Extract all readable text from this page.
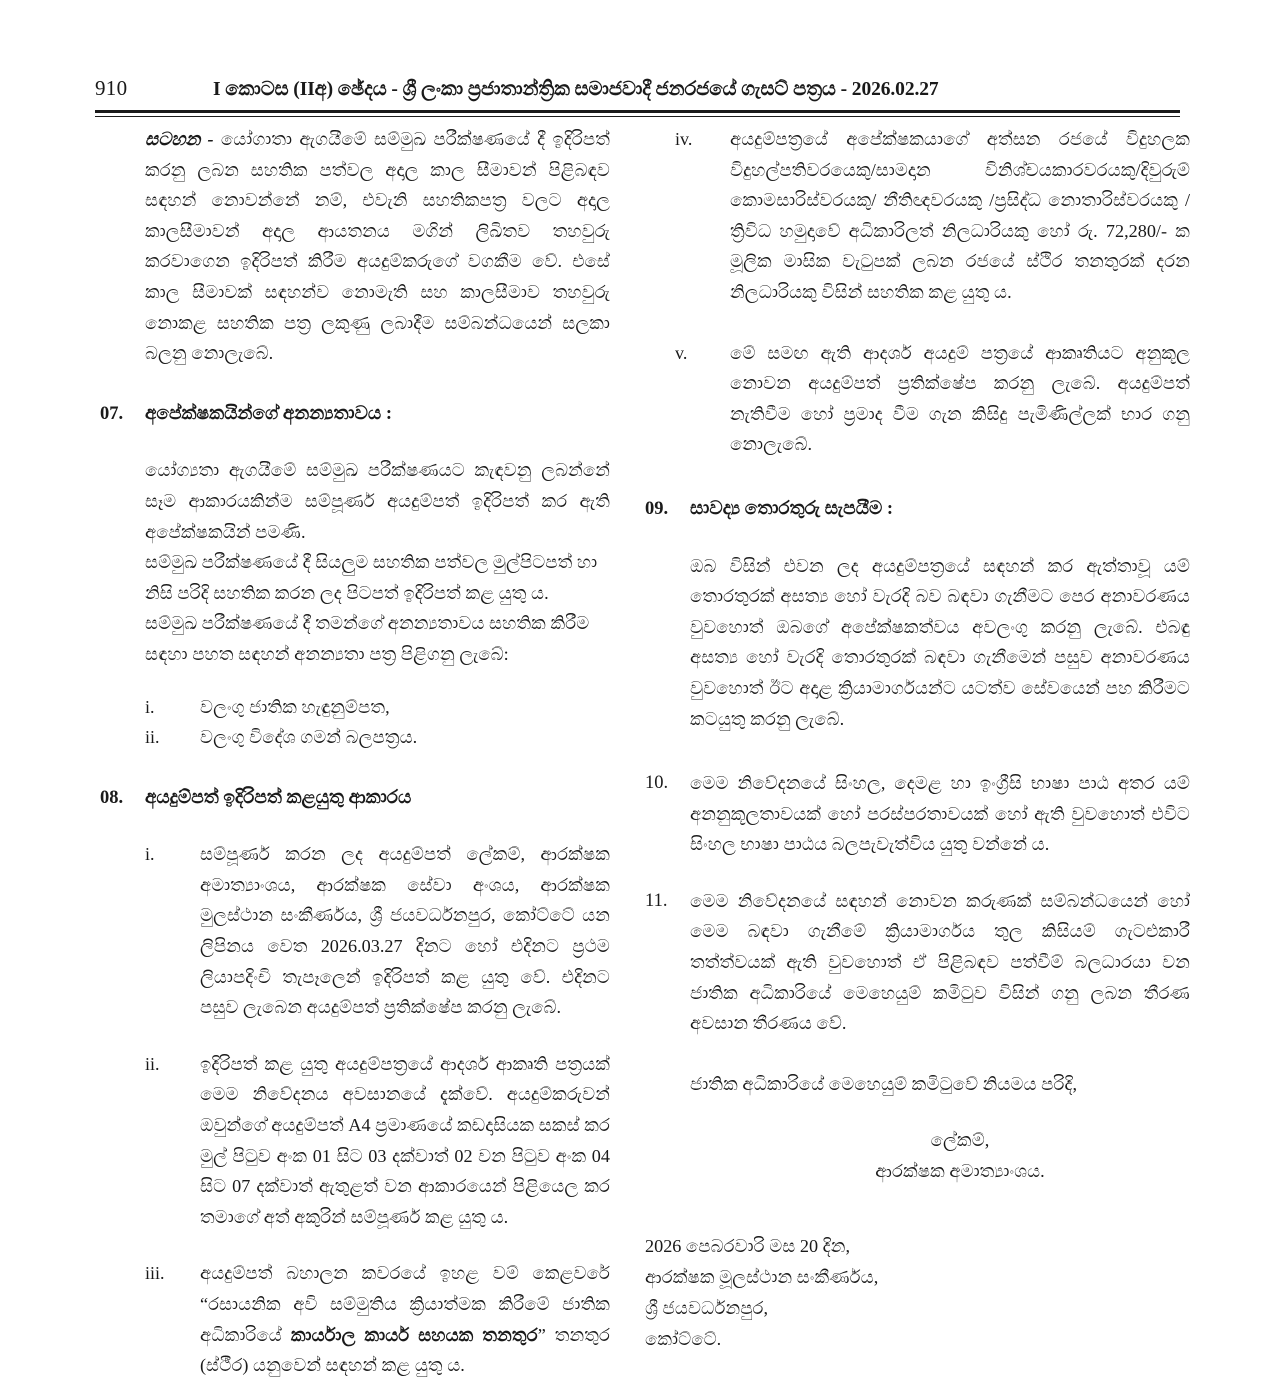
910	I කොටස (IIඅ) ඡේදය - ශ්‍රී ලංකා ප්‍රජාතාන්ත්‍රික සමාජවාදී ජනරජයේ ගැසට් පත්‍රය - 2026.02.27
සටහන - යෝගාතා ඇගයීමේ සම්මුඛ පරීක්ෂණයේ දී ඉදිරිපත් කරනු ලබන සහතික පත්වල අදාල කාල සීමාවන් පිළිබඳව සඳහන් නොවන්නේ නම්, එවැනි සහතිකපත්‍ර වලට අදාල කාලසීමාවන් අදාල ආයතනය මගින් ලිඛිතව තහවුරු කරවාගෙන ඉදිරිපත් කිරීම අයදුම්කරුගේ වගකීම වේ. එසේ කාල සීමාවක් සඳහන්ව නොමැති සහ කාලසීමාව තහවුරු නොකළ සහතික පත්‍ර ලකුණු ලබාදීම සම්බන්ධයෙන් සලකා බලනු නොලැබේ.
07.	අපේක්ෂකයින්ගේ අනන්‍යතාවය :
යෝග්‍යතා ඇගයීමේ සම්මුඛ පරීක්ෂණයට කැඳවනු ලබන්නේ සෑම ආකාරයකින්ම සම්පූර්ණ අයදුම්පත් ඉදිරිපත් කර ඇති අපේක්ෂකයින් පමණි.
සම්මුඛ පරීක්ෂණයේ දී සියලුම සහතික පත්වල මුල්පිටපත් හා නිසි පරිදි සහතික කරන ලද පිටපත් ඉදිරිපත් කළ යුතු ය.
සම්මුඛ පරීක්ෂණයේ දී තමන්ගේ අනන්‍යතාවය සහතික කිරීම සඳහා පහත සඳහන් අනන්‍යතා පත්‍ර පිළිගනු ලැබේ:
i.	වලංගු ජාතික හැඳුනුම්පත,
ii.	වලංගු විදේශ ගමන් බලපත්‍රය.
08.	අයදුම්පත් ඉදිරිපත් කළයුතු ආකාරය
i.	සම්පූර්ණ කරන ලද අයදුම්පත් ලේකම්, ආරක්ෂක අමාත්‍යාංශය, ආරක්ෂක සේවා අංශය, ආරක්ෂක මුලස්ථාන සංකීර්ණය, ශ්‍රී ජයවර්ධනපුර, කෝට්ටේ යන ලිපිනය වෙත 2026.03.27 දිනට හෝ එදිනට ප්‍රථම ලියාපදිංචි තැපෑලෙන් ඉදිරිපත් කළ යුතු වේ. එදිනට පසුව ලැබෙන අයදුම්පත් ප්‍රතික්ෂේප කරනු ලැබේ.
ii.	ඉදිරිපත් කළ යුතු අයදුම්පත්‍රයේ ආදර්ශ ආකෘති පත්‍රයක් මෙම නිවේදනය අවසානයේ දැක්වේ. අයදුම්කරුවන් ඔවුන්ගේ අයදුම්පත් A4 ප්‍රමාණයේ කඩදාසියක සකස් කර මුල් පිටුව අංක 01 සිට 03 දක්වාත් 02 වන පිටුව අංක 04 සිට 07 දක්වාත් ඇතුළත් වන ආකාරයෙන් පිළියෙල කර තමාගේ අත් අකුරින් සම්පූර්ණ කළ යුතු ය.
iii.	අයදුම්පත් බහාලන කවරයේ ඉහළ වම් කෙළවරේ “රසායනික අවි සම්මුතිය ක්‍රියාත්මක කිරීමේ ජාතික අධිකාරියේ කාර්යාල කාර්ය සහයක තනතුර” තනතුර (ස්ථීර) යනුවෙන් සඳහන් කළ යුතු ය.
iv.	අයදුම්පත්‍රයේ අපේක්ෂකයාගේ අත්සන රජයේ විදුහලක විදුහල්පතිවරයෙකු/සාමදාන විනිශ්චයකාරවරයකු/දිවුරුම් කොමසාරිස්වරයකු/ නීතිඥවරයකු /ප්‍රසිද්ධ නොතාරිස්වරයකු / ත්‍රිවිධ හමුදාවේ අධිකාරිලත් නිලධාරියකු හෝ රු. 72,280/- ක මූලික මාසික වැටුපක් ලබන රජයේ ස්ථිර තනතුරක් දරන නිලධාරියකු විසින් සහතික කළ යුතු ය.
v.	මේ සමඟ ඇති ආදර්ශ අයදුම් පත්‍රයේ ආකෘතියට අනුකූල නොවන අයදුම්පත් ප්‍රතික්ෂේප කරනු ලැබේ. අයදුම්පත් නැතිවීම හෝ ප්‍රමාද වීම ගැන කිසිදු පැමිණිල්ලක් භාර ගනු නොලැබේ.
09.	සාවද්‍ය තොරතුරු සැපයීම :
ඔබ විසින් එවන ලද අයදුම්පත්‍රයේ සඳහන් කර ඇත්තාවූ යම් තොරතුරක් අසත්‍ය හෝ වැරදි බව බඳවා ගැනීමට පෙර අනාවරණය වුවහොත් ඔබගේ අපේක්ෂකත්වය අවලංගු කරනු ලැබේ. එබඳු අසත්‍ය හෝ වැරදි තොරතුරක් බඳවා ගැනීමෙන් පසුව අනාවරණය වුවහොත් ඊට අදාළ ක්‍රියාමාර්ගයන්ට යටත්ව සේවයෙන් පහ කිරීමට කටයුතු කරනු ලැබේ.
10.	මෙම නිවේදනයේ සිංහල, දෙමළ හා ඉංග්‍රීසි භාෂා පාඨ අතර යම් අනනුකූලතාවයක් හෝ පරස්පරතාවයක් හෝ ඇති වුවහොත් එවිට සිංහල භාෂා පාඨය බලපැවැත්විය යුතු වන්නේ ය.
11.	මෙම නිවේදනයේ සඳහන් නොවන කරුණක් සම්බන්ධයෙන් හෝ මෙම බඳවා ගැනීමේ ක්‍රියාමාර්ගය තුල කිසියම් ගැටළුකාරී තත්ත්වයක් ඇති වුවහොත් ඒ පිළිබඳව පත්වීම් බලධාරයා වන ජාතික අධිකාරියේ මෙහෙයුම් කමිටුව විසින් ගනු ලබන තීරණ අවසාන තීරණය වේ.
ජාතික අධිකාරියේ මෙහෙයුම් කමිටුවේ නියමය පරිදි,
ලේකම්,
ආරක්ෂක අමාත්‍යාංශය.
2026 පෙබරවාරි මස 20 දින,
ආරක්ෂක මූලස්ථාන සංකීර්ණය,
ශ්‍රී ජයවර්ධනපුර,
කෝට්ටේ.
